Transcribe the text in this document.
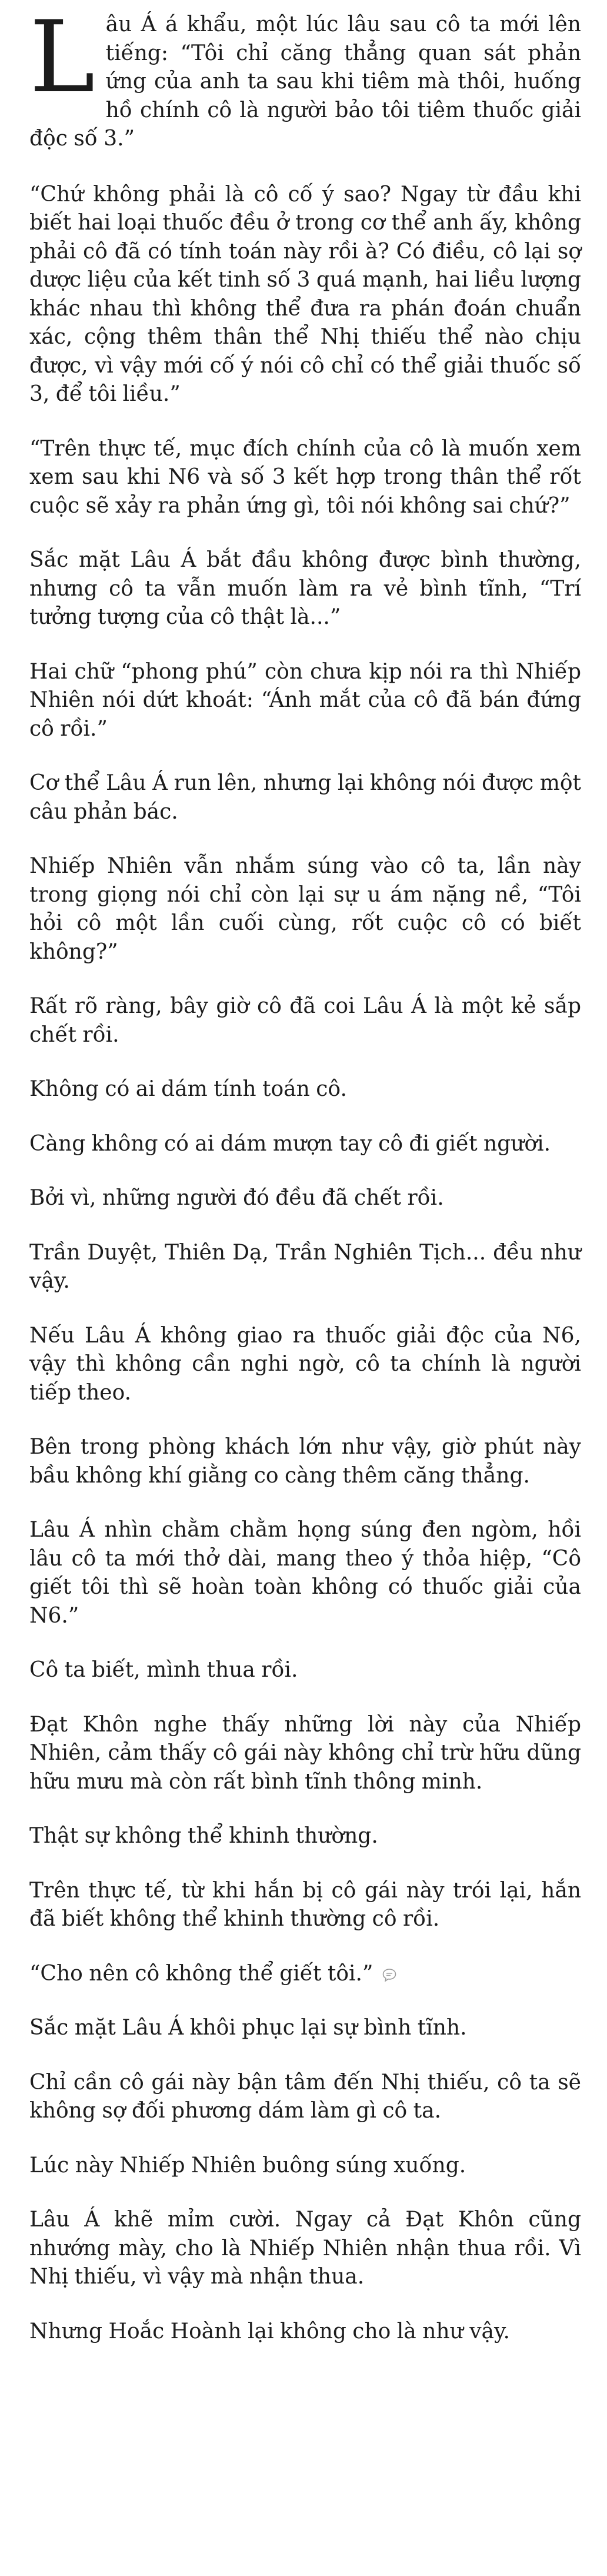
L âu Á á khẩu, một lúc lâu sau cô ta mới lên tiếng: “Tôi chỉ căng thẳng quan sát phản ứng của anh ta sau khi tiêm mà thôi, huống hồ chính cô là người bảo tôi tiêm thuốc giải độc số 3.”

“Chứ không phải là cô cố ý sao? Ngay từ đầu khi biết hai loại thuốc đều ở trong cơ thể anh ấy, không phải cô đã có tính toán này rồi à? Có điều, cô lại sợ dược liệu của kết tinh số 3 quá mạnh, hai liều lượng khác nhau thì không thể đưa ra phán đoán chuẩn xác, cộng thêm thân thể Nhị thiếu thể nào chịu được, vì vậy mới cố ý nói cô chỉ có thể giải thuốc số 3, để tôi liều.”

“Trên thực tế, mục đích chính của cô là muốn xem xem sau khi N6 và số 3 kết hợp trong thân thể rốt cuộc sẽ xảy ra phản ứng gì, tôi nói không sai chứ?”

Sắc mặt Lâu Á bắt đầu không được bình thường, nhưng cô ta vẫn muốn làm ra vẻ bình tĩnh, “Trí tưởng tượng của cô thật là...”

Hai chữ “phong phú” còn chưa kịp nói ra thì Nhiếp Nhiên nói dứt khoát: “Ánh mắt của cô đã bán đứng cô rồi.”

Cơ thể Lâu Á run lên, nhưng lại không nói được một câu phản bác.

Nhiếp Nhiên vẫn nhắm súng vào cô ta, lần này trong giọng nói chỉ còn lại sự u ám nặng nề, “Tôi hỏi cô một lần cuối cùng, rốt cuộc cô có biết không?”

Rất rõ ràng, bây giờ cô đã coi Lâu Á là một kẻ sắp chết rồi.

Không có ai dám tính toán cô.

Càng không có ai dám mượn tay cô đi giết người.

Bởi vì, những người đó đều đã chết rồi.

Trần Duyệt, Thiên Dạ, Trần Nghiên Tịch... đều như vậy.

Nếu Lâu Á không giao ra thuốc giải độc của N6, vậy thì không cần nghi ngờ, cô ta chính là người tiếp theo.

Bên trong phòng khách lớn như vậy, giờ phút này bầu không khí giằng co càng thêm căng thẳng.

Lâu Á nhìn chằm chằm họng súng đen ngòm, hồi lâu cô ta mới thở dài, mang theo ý thỏa hiệp, “Cô giết tôi thì sẽ hoàn toàn không có thuốc giải của N6.”

Cô ta biết, mình thua rồi.

Đạt Khôn nghe thấy những lời này của Nhiếp Nhiên, cảm thấy cô gái này không chỉ trừ hữu dũng hữu mưu mà còn rất bình tĩnh thông minh.

Thật sự không thể khinh thường.

Trên thực tế, từ khi hắn bị cô gái này trói lại, hắn đã biết không thể khinh thường cô rồi.

“Cho nên cô không thể giết tôi.”

Sắc mặt Lâu Á khôi phục lại sự bình tĩnh.

Chỉ cần cô gái này bận tâm đến Nhị thiếu, cô ta sẽ không sợ đối phương dám làm gì cô ta.

Lúc này Nhiếp Nhiên buông súng xuống.

Lâu Á khẽ mỉm cười. Ngay cả Đạt Khôn cũng nhướng mày, cho là Nhiếp Nhiên nhận thua rồi. Vì Nhị thiếu, vì vậy mà nhận thua.

Nhưng Hoắc Hoành lại không cho là như vậy.
